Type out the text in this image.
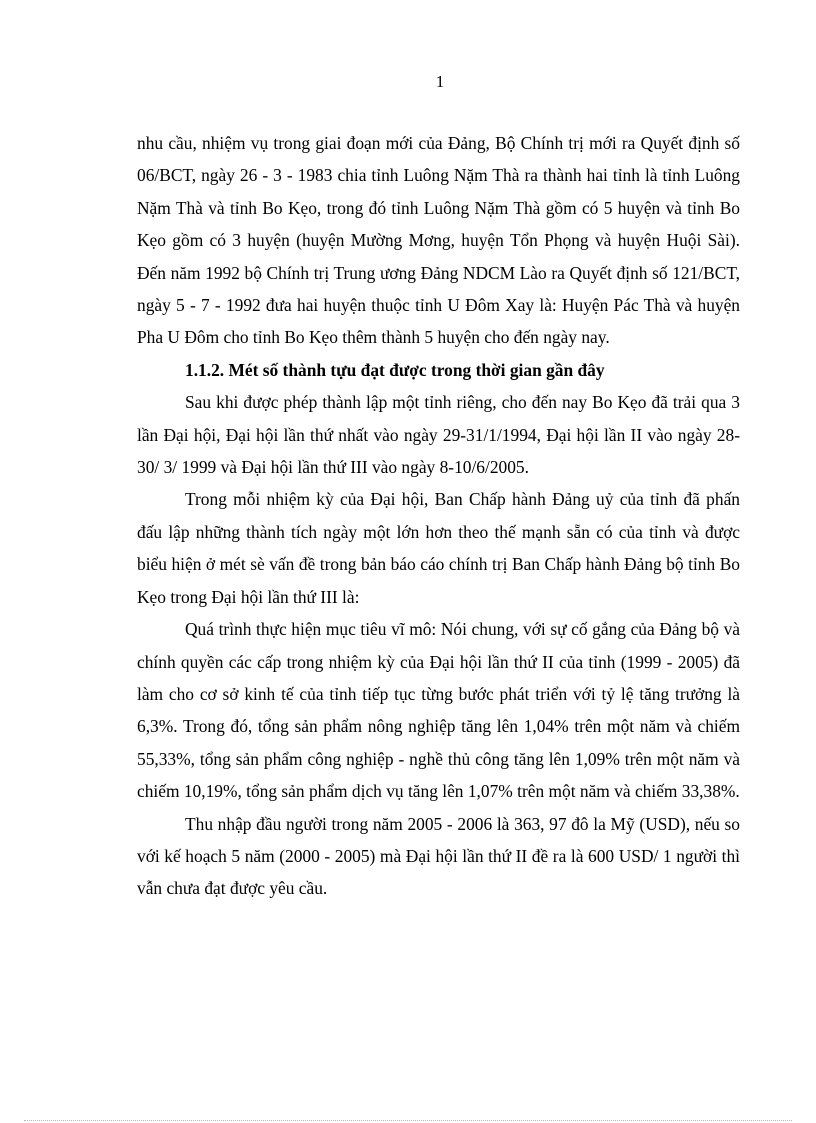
1

nhu cầu, nhiệm vụ trong giai đoạn mới của Đảng, Bộ Chính trị mới ra Quyết định số 06/BCT, ngày 26 - 3 - 1983 chia tỉnh Luông Nặm Thà ra thành hai tỉnh là tỉnh Luông Nặm Thà và tỉnh Bo Kẹo, trong đó tỉnh Luông Nặm Thà gồm có 5 huyện và tỉnh Bo Kẹo gồm có 3 huyện (huyện Mường Mơng, huyện Tổn Phọng và huyện Huội Sài). Đến năm 1992 bộ Chính trị Trung ương Đảng NDCM Lào ra Quyết định số 121/BCT, ngày 5 - 7 - 1992 đưa hai huyện thuộc tỉnh U Đôm Xay là: Huyện Pác Thà và huyện Pha U Đôm cho tỉnh Bo Kẹo thêm thành 5 huyện cho đến ngày nay.

1.1.2. Mét số thành tựu đạt được trong thời gian gần đây

Sau khi được phép thành lập một tỉnh riêng, cho đến nay Bo Kẹo đã trải qua 3 lần Đại hội, Đại hội lần thứ nhất vào ngày 29-31/1/1994, Đại hội lần II vào ngày 28-30/ 3/ 1999 và Đại hội lần thứ III vào ngày 8-10/6/2005.

Trong mỗi nhiệm kỳ của Đại hội, Ban Chấp hành Đảng uỷ của tỉnh đã phấn đấu lập những thành tích ngày một lớn hơn theo thế mạnh sẵn có của tỉnh và được biểu hiện ở mét sè vấn đề trong bản báo cáo chính trị Ban Chấp hành Đảng bộ tỉnh Bo Kẹo trong Đại hội lần thứ III là:

Quá trình thực hiện mục tiêu vĩ mô: Nói chung, với sự cố gắng của Đảng bộ và chính quyền các cấp trong nhiệm kỳ của Đại hội lần thứ II của tỉnh (1999 - 2005) đã làm cho cơ sở kinh tế của tỉnh tiếp tục từng bước phát triển với tỷ lệ tăng trưởng là 6,3%. Trong đó, tổng sản phẩm nông nghiệp tăng lên 1,04% trên một năm và chiếm 55,33%, tổng sản phẩm công nghiệp - nghề thủ công tăng lên 1,09% trên một năm và chiếm 10,19%, tổng sản phẩm dịch vụ tăng lên 1,07% trên một năm và chiếm 33,38%.

Thu nhập đầu người trong năm 2005 - 2006 là 363, 97 đô la Mỹ (USD), nếu so với kế hoạch 5 năm (2000 - 2005) mà Đại hội lần thứ II đề ra là 600 USD/ 1 người thì vẫn chưa đạt được yêu cầu.
